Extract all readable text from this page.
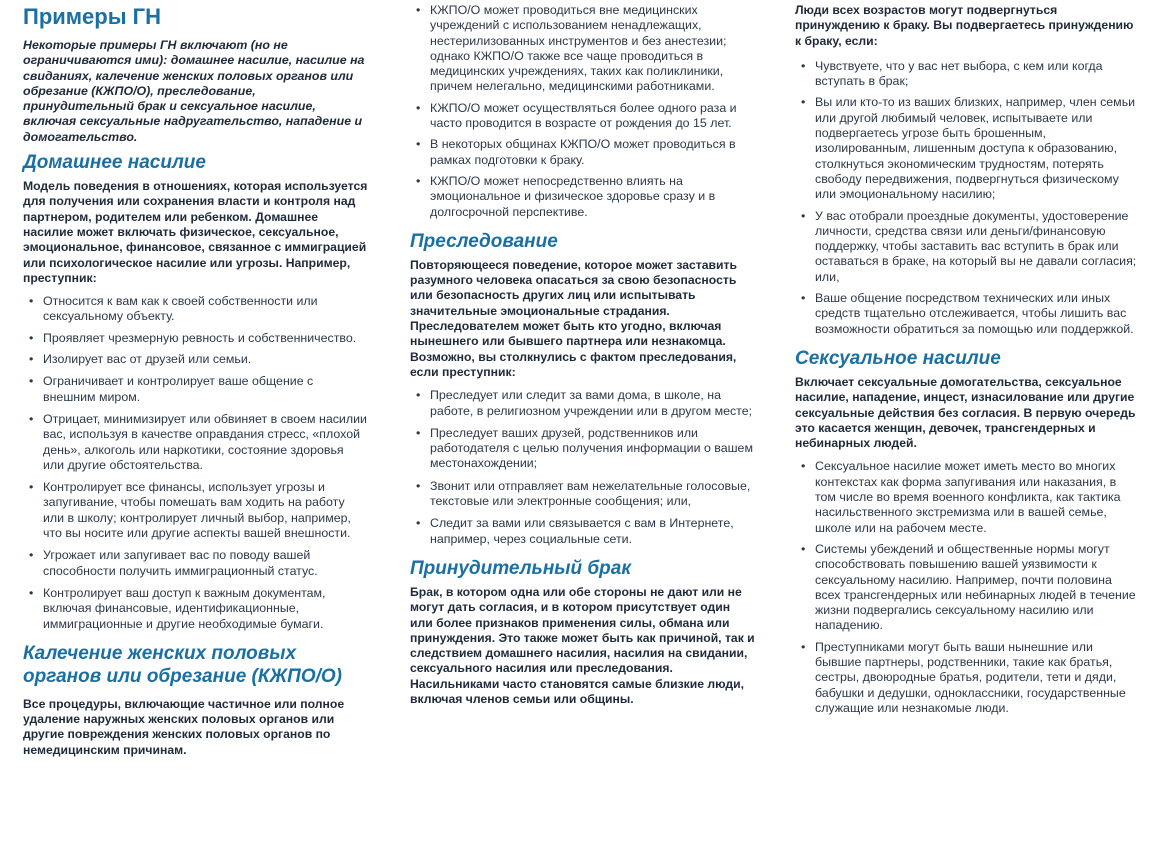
Примеры ГН

Некоторые примеры ГН включают (но не ограничиваются ими): домашнее насилие, насилие на свиданиях, калечение женских половых органов или обрезание (КЖПО/О), преследование, принудительный брак и сексуальное насилие, включая сексуальные надругательство, нападение и домогательство.

Домашнее насилие

Модель поведения в отношениях, которая используется для получения или сохранения власти и контроля над партнером, родителем или ребенком. Домашнее насилие может включать физическое, сексуальное, эмоциональное, финансовое, связанное с иммиграцией или психологическое насилие или угрозы. Например, преступник:

• Относится к вам как к своей собственности или сексуальному объекту.
• Проявляет чрезмерную ревность и собственничество.
• Изолирует вас от друзей или семьи.
• Ограничивает и контролирует ваше общение с внешним миром.
• Отрицает, минимизирует или обвиняет в своем насилии вас, используя в качестве оправдания стресс, «плохой день», алкоголь или наркотики, состояние здоровья или другие обстоятельства.
• Контролирует все финансы, использует угрозы и запугивание, чтобы помешать вам ходить на работу или в школу; контролирует личный выбор, например, что вы носите или другие аспекты вашей внешности.
• Угрожает или запугивает вас по поводу вашей способности получить иммиграционный статус.
• Контролирует ваш доступ к важным документам, включая финансовые, идентификационные, иммиграционные и другие необходимые бумаги.
Калечение женских половых органов или обрезание (КЖПО/О)

Все процедуры, включающие частичное или полное удаление наружных женских половых органов или другие повреждения женских половых органов по немедицинским причинам.

• КЖПО/О может проводиться вне медицинских учреждений с использованием ненадлежащих, нестерилизованных инструментов и без анестезии; однако КЖПО/О также все чаще проводиться в медицинских учреждениях, таких как поликлиники, причем нелегально, медицинскими работниками.
• КЖПО/О может осуществляться более одного раза и часто проводится в возрасте от рождения до 15 лет.
• В некоторых общинах КЖПО/О может проводиться в рамках подготовки к браку.
• КЖПО/О может непосредственно влиять на эмоциональное и физическое здоровье сразу и в долгосрочной перспективе.
Преследование

Повторяющееся поведение, которое может заставить разумного человека опасаться за свою безопасность или безопасность других лиц или испытывать значительные эмоциональные страдания. Преследователем может быть кто угодно, включая нынешнего или бывшего партнера или незнакомца. Возможно, вы столкнулись с фактом преследования, если преступник:

• Преследует или следит за вами дома, в школе, на работе, в религиозном учреждении или в другом месте;
• Преследует ваших друзей, родственников или работодателя с целью получения информации о вашем местонахождении;
• Звонит или отправляет вам нежелательные голосовые, текстовые или электронные сообщения; или,
• Следит за вами или связывается с вам в Интернете, например, через социальные сети.
Принудительный брак

Брак, в котором одна или обе стороны не дают или не могут дать согласия, и в котором присутствует один или более признаков применения силы, обмана или принуждения. Это также может быть как причиной, так и следствием домашнего насилия, насилия на свидании, сексуального насилия или преследования. Насильниками часто становятся самые близкие люди, включая членов семьи или общины.

Люди всех возрастов могут подвергнуться принуждению к браку. Вы подвергаетесь принуждению к браку, если:

• Чувствуете, что у вас нет выбора, с кем или когда вступать в брак;
• Вы или кто-то из ваших близких, например, член семьи или другой любимый человек, испытываете или подвергаетесь угрозе быть брошенным, изолированным, лишенным доступа к образованию, столкнуться экономическим трудностям, потерять свободу передвижения, подвергнуться физическому или эмоциональному насилию;
• У вас отобрали проездные документы, удостоверение личности, средства связи или деньги/финансовую поддержку, чтобы заставить вас вступить в брак или оставаться в браке, на который вы не давали согласия; или,
• Ваше общение посредством технических или иных средств тщательно отслеживается, чтобы лишить вас возможности обратиться за помощью или поддержкой.
Сексуальное насилие

Включает сексуальные домогательства, сексуальное насилие, нападение, инцест, изнасилование или другие сексуальные действия без согласия. В первую очередь это касается женщин, девочек, трансгендерных и небинарных людей.

• Сексуальное насилие может иметь место во многих контекстах как форма запугивания или наказания, в том числе во время военного конфликта, как тактика насильственного экстремизма или в вашей семье, школе или на рабочем месте.
• Системы убеждений и общественные нормы могут способствовать повышению вашей уязвимости к сексуальному насилию. Например, почти половина всех трансгендерных или небинарных людей в течение жизни подвергались сексуальному насилию или нападению.
• Преступниками могут быть ваши нынешние или бывшие партнеры, родственники, такие как братья, сестры, двоюродные братья, родители, тети и дяди, бабушки и дедушки, одноклассники, государственные служащие или незнакомые люди.
